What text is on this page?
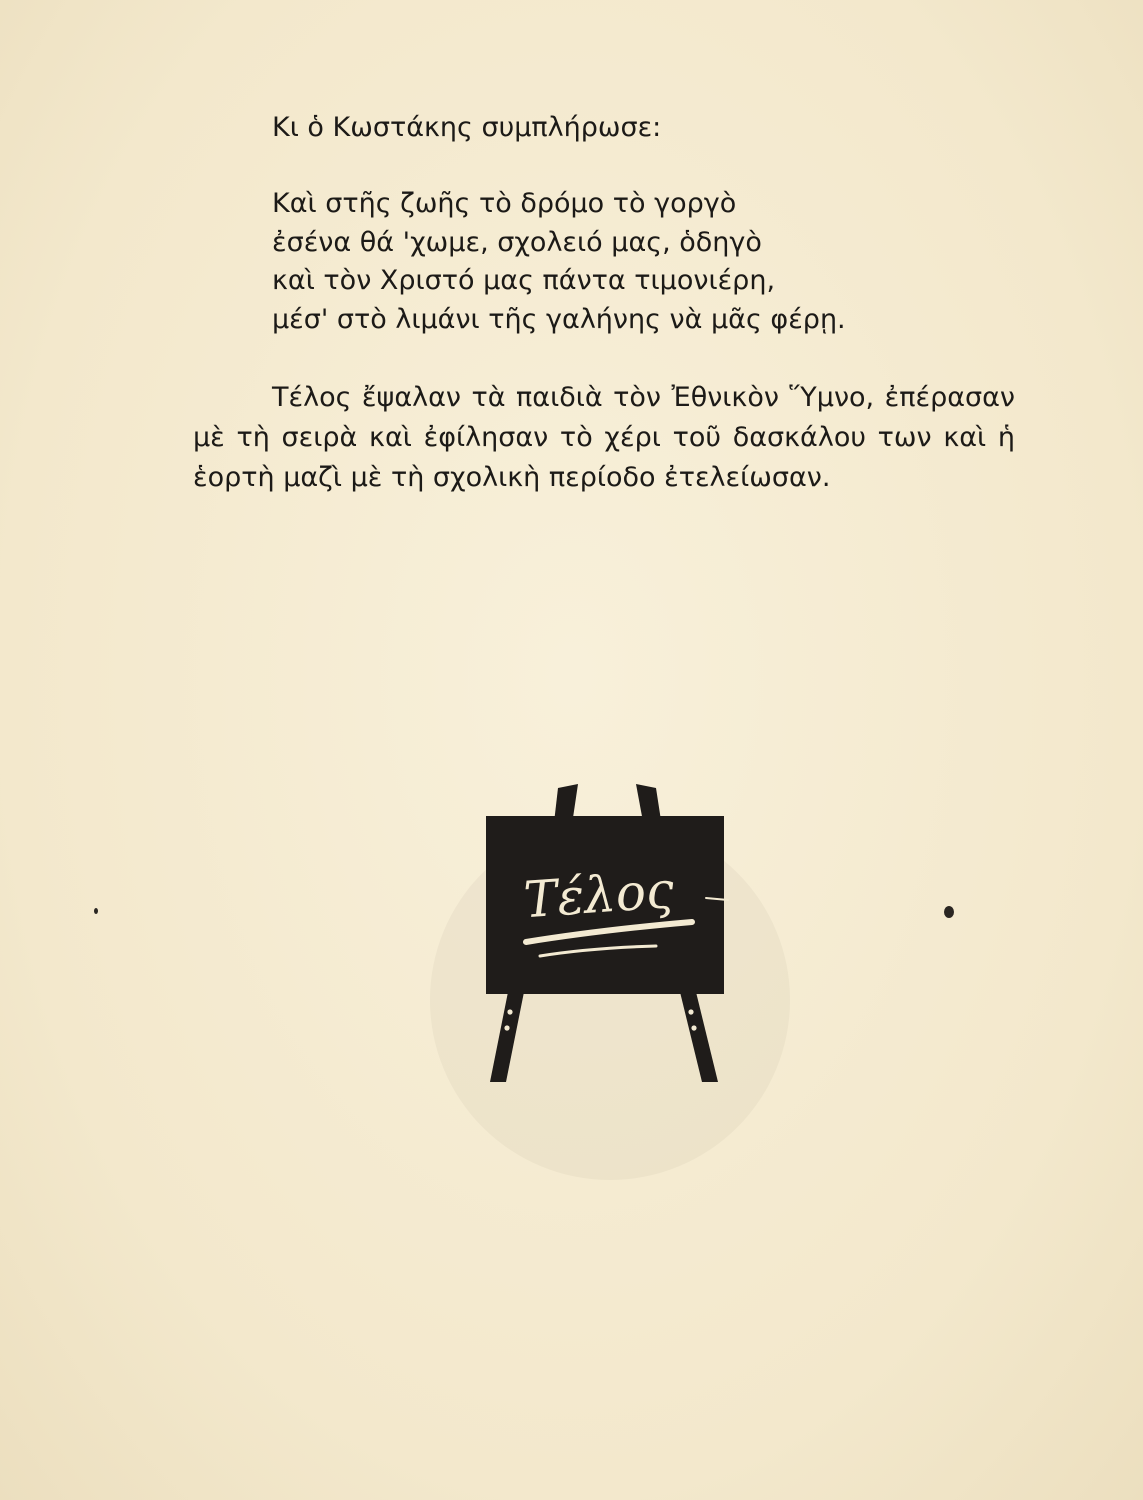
Κι ὁ Κωστάκης συμπλήρωσε:

Καὶ στῆς ζωῆς τὸ δρόμο τὸ γοργὸ
ἐσένα θά 'χωμε, σχολειό μας, ὁδηγὸ
καὶ τὸν Χριστό μας πάντα τιμονιέρη,
μέσ' στὸ λιμάνι τῆς γαλήνης νὰ μᾶς φέρῃ.

Τέλος ἔψαλαν τὰ παιδιὰ τὸν Ἐθνικὸν Ὕμνο, ἐπέρασαν μὲ τὴ σειρὰ καὶ ἐφίλησαν τὸ χέρι τοῦ δασκάλου των καὶ ἡ ἑορτὴ μαζὶ μὲ τὴ σχολικὴ περίοδο ἐτελείωσαν.

Τέλος
